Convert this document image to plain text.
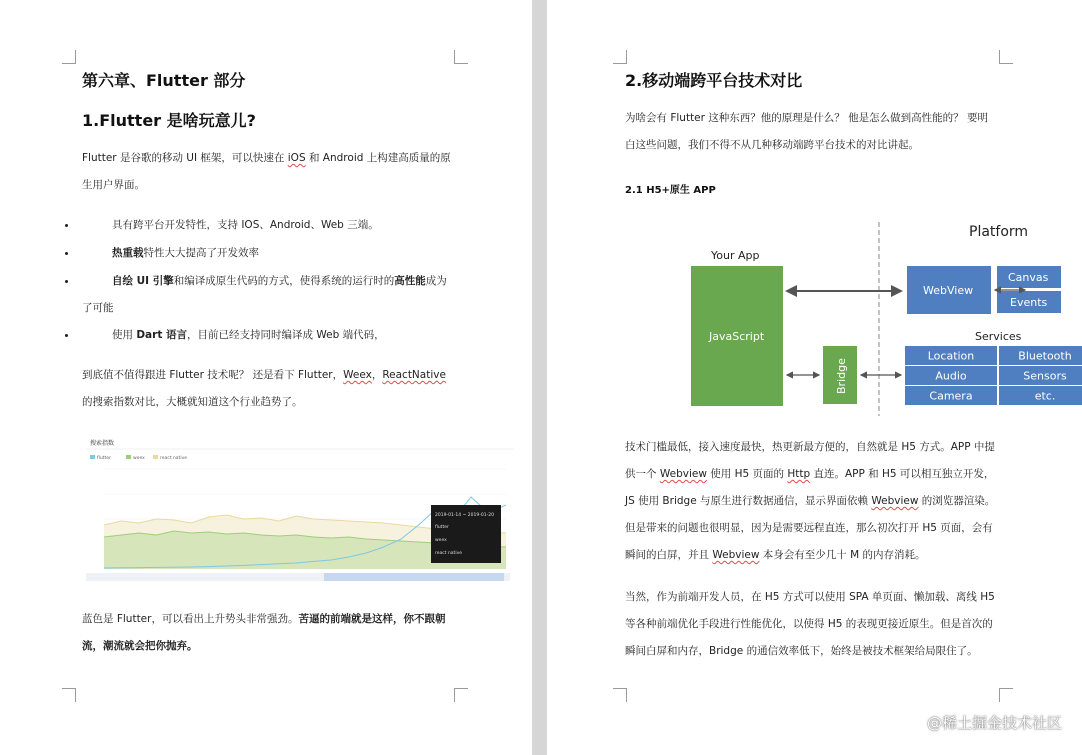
第六章、Flutter 部分
1.Flutter 是啥玩意儿?
Flutter 是谷歌的移动 UI 框架，可以快速在 iOS 和 Android 上构建高质量的原
生用户界面。
具有跨平台开发特性，支持 IOS、Android、Web 三端。
热重载特性大大提高了开发效率
自绘 UI 引擎和编译成原生代码的方式，使得系统的运行时的高性能成为
了可能
使用 Dart 语言，目前已经支持同时编译成 Web 端代码，
到底值不值得跟进 Flutter 技术呢？ 还是看下 Flutter，Weex，ReactNative
的搜索指数对比，大概就知道这个行业趋势了。
搜索指数
flutter	weex	react native
2019-01-14 ~ 2019-01-20
flutter
weex
react native
蓝色是 Flutter，可以看出上升势头非常强劲。苦逼的前端就是这样，你不跟朝
流，潮流就会把你抛弃。
2.移动端跨平台技术对比
为啥会有 Flutter 这种东西？他的原理是什么？ 他是怎么做到高性能的？ 要明
白这些问题，我们不得不从几种移动端跨平台技术的对比讲起。
2.1 H5+原生 APP
Platform
Your App
JavaScript
Bridge
WebView
Canvas
Events
Services
Location	Bluetooth
Audio	Sensors
Camera	etc.
技术门槛最低，接入速度最快，热更新最方便的，自然就是 H5 方式。APP 中提
供一个 Webview 使用 H5 页面的 Http 直连。APP 和 H5 可以相互独立开发，
JS 使用 Bridge 与原生进行数据通信，显示界面依赖 Webview 的浏览器渲染。
但是带来的问题也很明显，因为是需要远程直连，那么初次打开 H5 页面，会有
瞬间的白屏，并且 Webview 本身会有至少几十 M 的内存消耗。
当然，作为前端开发人员，在 H5 方式可以使用 SPA 单页面、懒加载、离线 H5
等各种前端优化手段进行性能优化，以使得 H5 的表现更接近原生。但是首次的
瞬间白屏和内存，Bridge 的通信效率低下，始终是被技术框架给局限住了。
@稀土掘金技术社区
